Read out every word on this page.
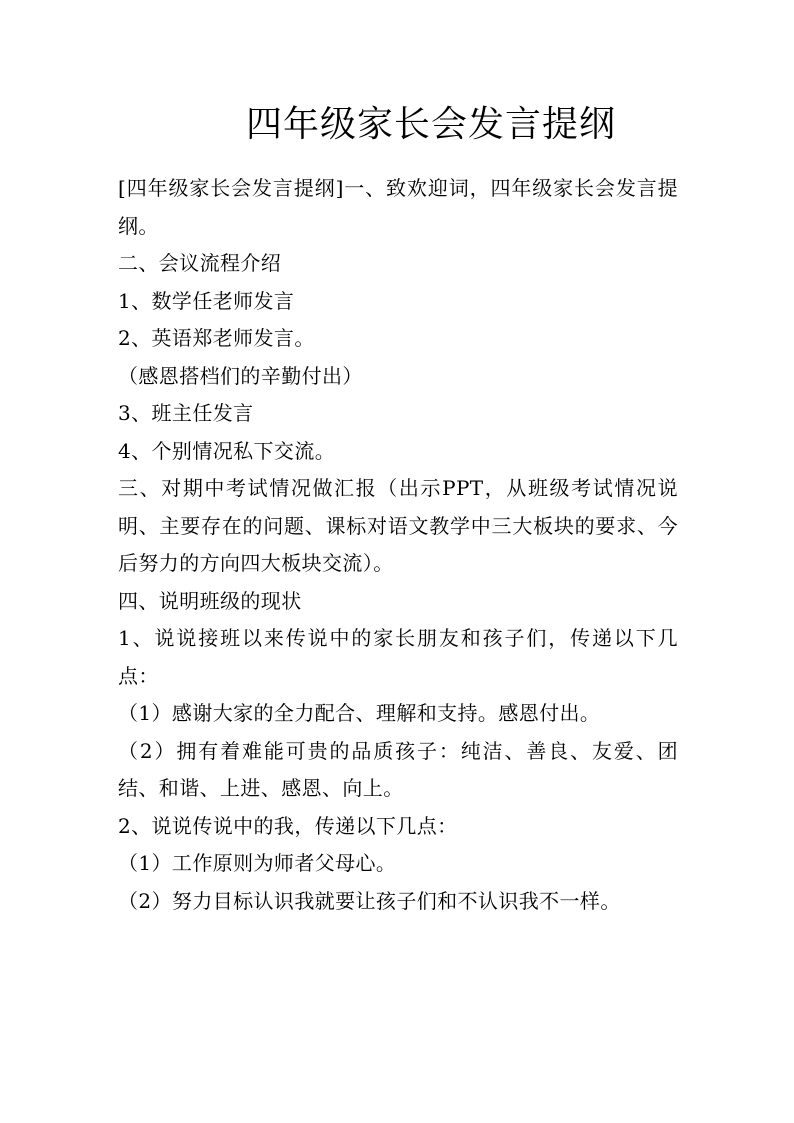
四年级家长会发言提纲

[四年级家长会发言提纲]一、致欢迎词，四年级家长会发言提纲。

二、会议流程介绍

1、数学任老师发言

2、英语郑老师发言。

（感恩搭档们的辛勤付出）

3、班主任发言

4、个别情况私下交流。

三、对期中考试情况做汇报（出示PPT，从班级考试情况说明、主要存在的问题、课标对语文教学中三大板块的要求、今后努力的方向四大板块交流）。

四、说明班级的现状

1、说说接班以来传说中的家长朋友和孩子们，传递以下几点：

（1）感谢大家的全力配合、理解和支持。感恩付出。

（2）拥有着难能可贵的品质孩子：纯洁、善良、友爱、团结、和谐、上进、感恩、向上。

2、说说传说中的我，传递以下几点：

（1）工作原则为师者父母心。

（2）努力目标认识我就要让孩子们和不认识我不一样。
